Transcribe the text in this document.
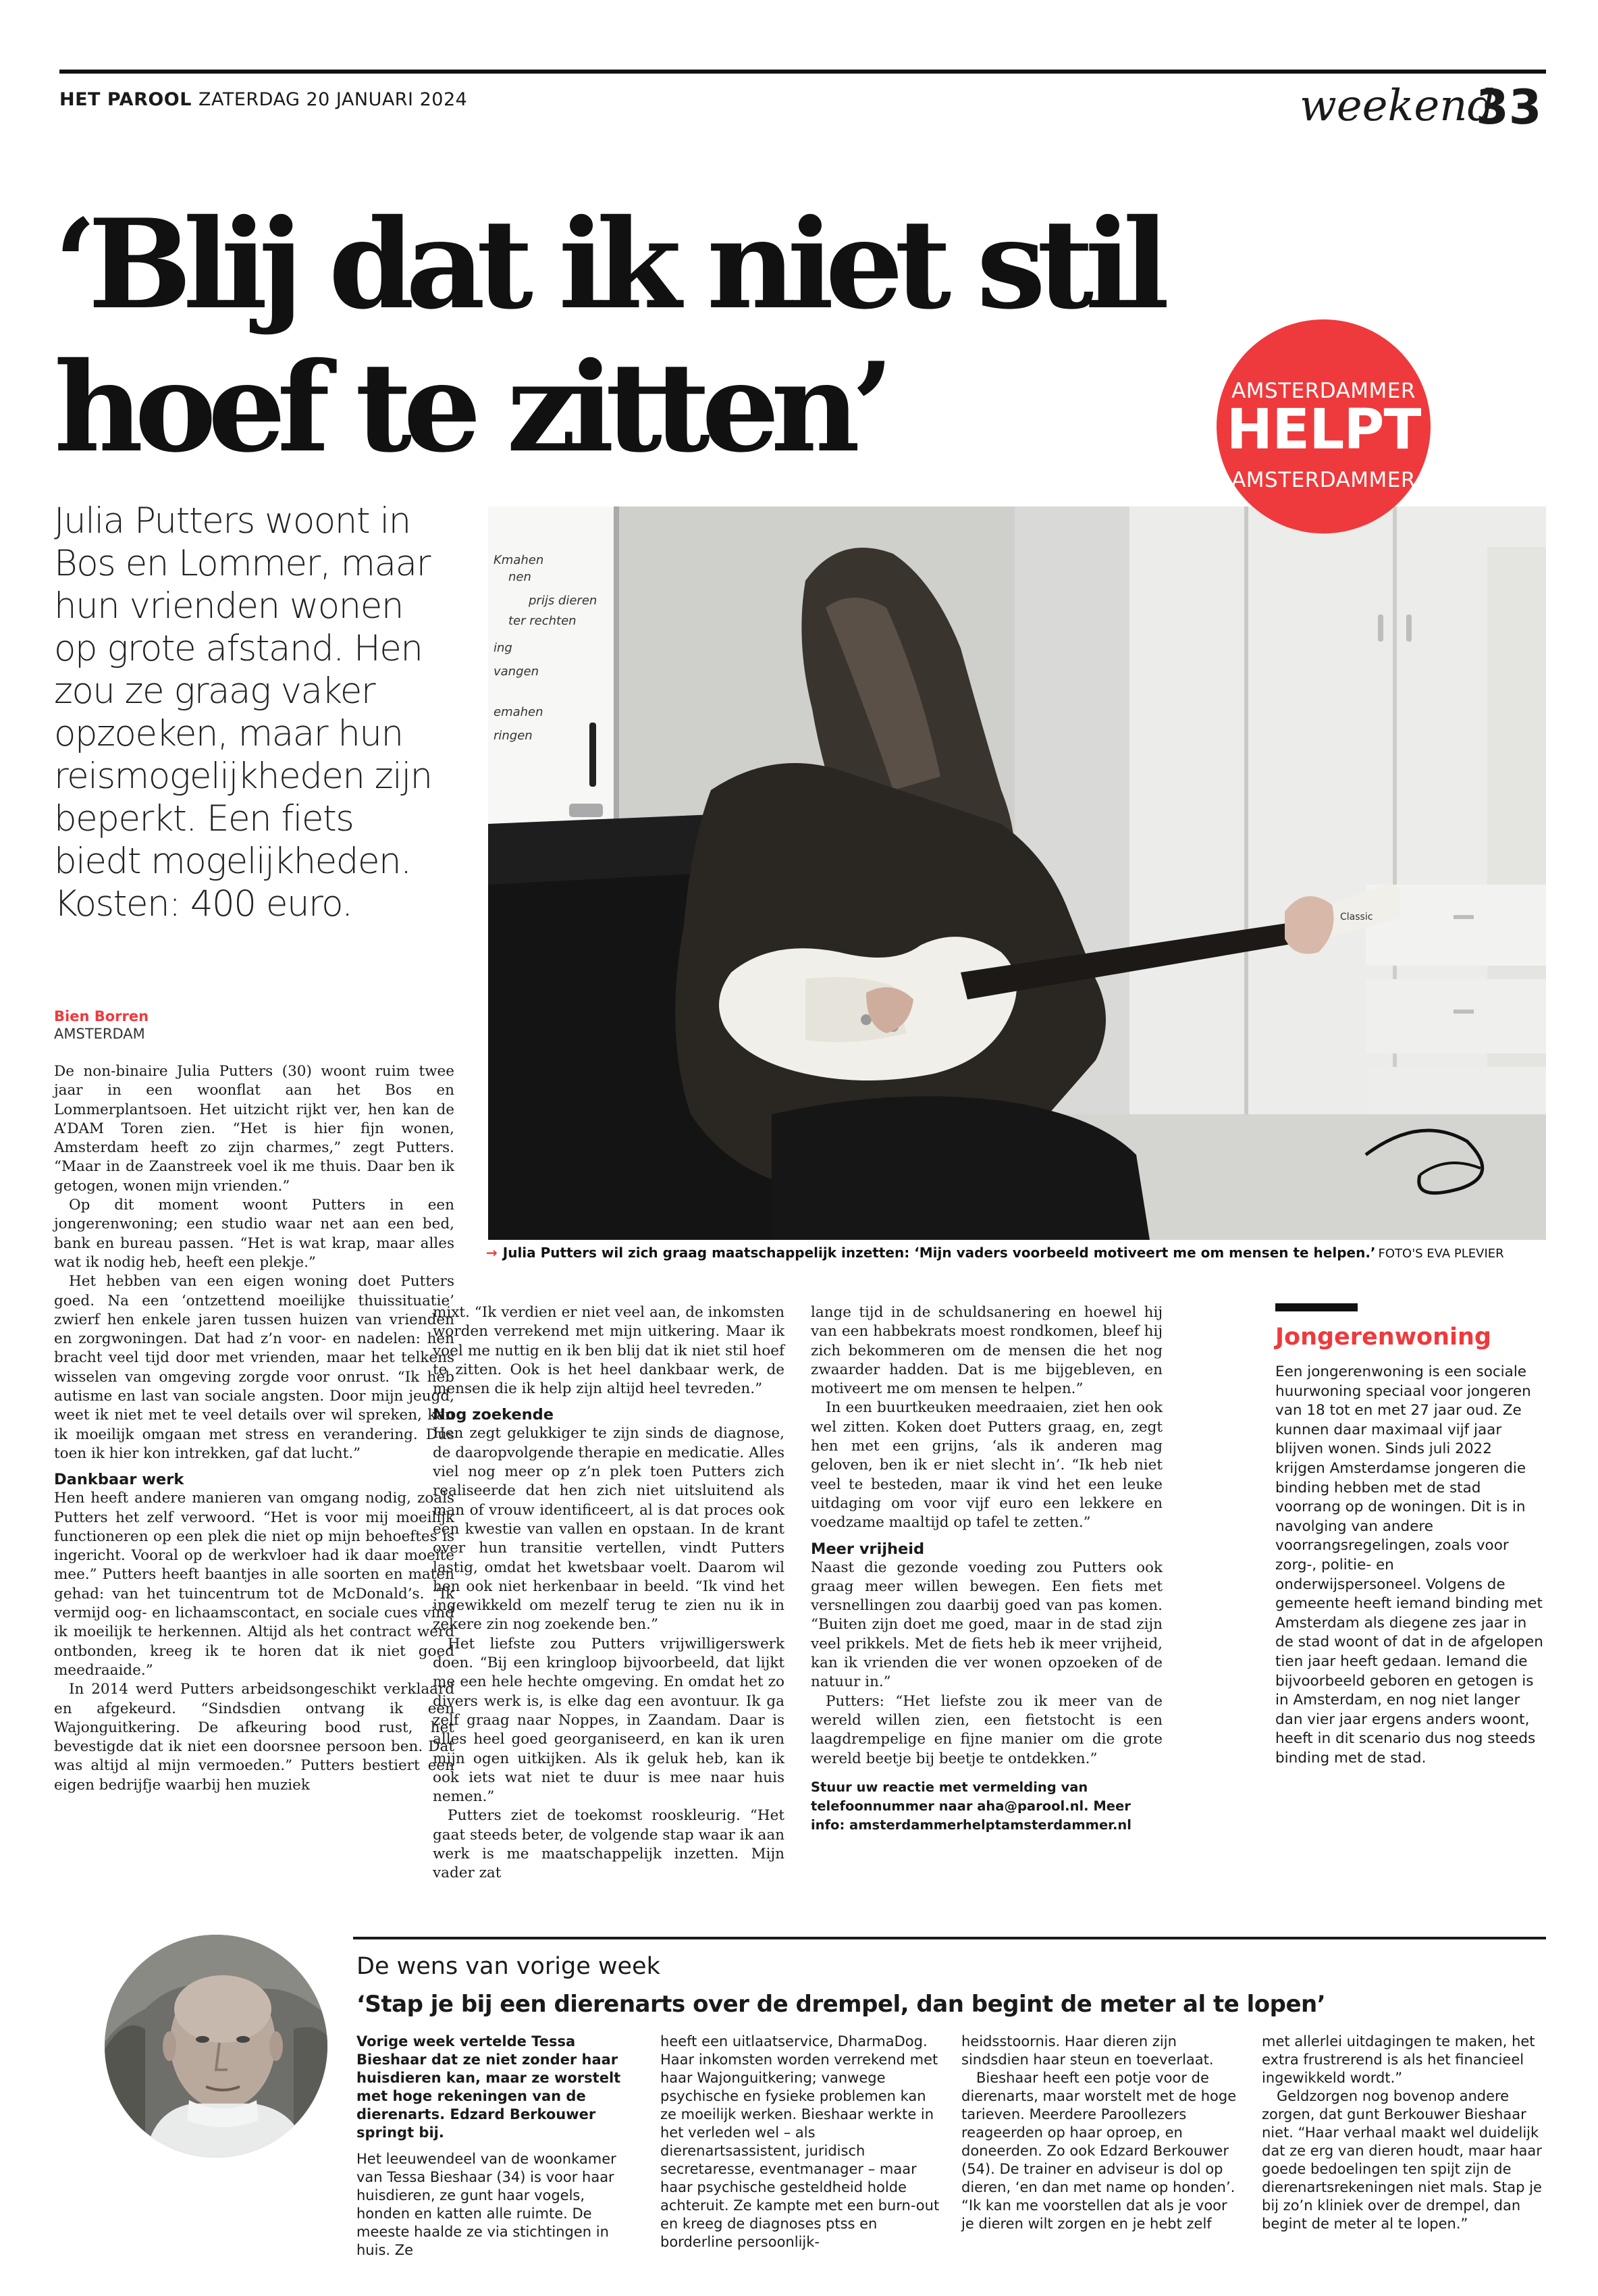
HET PAROOL ZATERDAG 20 JANUARI 2024	weekend
33
‘Blij dat ik niet stil hoef te zitten’
Kmahen
nen
prijs dieren
ter rechten
ing
vangen
emahen
ringen
Classic
AMSTERDAMMER
HELPT
AMSTERDAMMER
Julia Putters woont in Bos en Lommer, maar hun vrienden wonen op grote afstand. Hen zou ze graag vaker opzoeken, maar hun reismogelijkheden zijn beperkt. Een fiets biedt mogelijkheden. Kosten: 400 euro.
→ Julia Putters wil zich graag maatschappelijk inzetten: ‘Mijn vaders voorbeeld motiveert me om mensen te helpen.’ FOTO'S EVA PLEVIER
Bien Borren
AMSTERDAM

De non-binaire Julia Putters (30) woont ruim twee jaar in een woonflat aan het Bos en Lommerplantsoen. Het uitzicht rijkt ver, hen kan de A’DAM Toren zien. “Het is hier fijn wonen, Amsterdam heeft zo zijn charmes,” zegt Putters. “Maar in de Zaanstreek voel ik me thuis. Daar ben ik getogen, wonen mijn vrienden.”

Op dit moment woont Putters in een jongerenwoning; een studio waar net aan een bed, bank en bureau passen. “Het is wat krap, maar alles wat ik nodig heb, heeft een plekje.”

Het hebben van een eigen woning doet Putters goed. Na een ‘ontzettend moeilijke thuissituatie’ zwierf hen enkele jaren tussen huizen van vrienden en zorgwoningen. Dat had z’n voor- en nadelen: hen bracht veel tijd door met vrienden, maar het telkens wisselen van omgeving zorgde voor onrust. “Ik heb autisme en last van sociale angsten. Door mijn jeugd, weet ik niet met te veel details over wil spreken, kan ik moeilijk omgaan met stress en verandering. Dus toen ik hier kon intrekken, gaf dat lucht.”

Dankbaar werk

Hen heeft andere manieren van omgang nodig, zoals Putters het zelf verwoord. “Het is voor mij moeilijk functioneren op een plek die niet op mijn behoeftes is ingericht. Vooral op de werkvloer had ik daar moeite mee.” Putters heeft baantjes in alle soorten en maten gehad: van het tuincentrum tot de McDonald’s. “Ik vermijd oog- en lichaamscontact, en sociale cues vind ik moeilijk te herkennen. Altijd als het contract werd ontbonden, kreeg ik te horen dat ik niet goed meedraaide.”

In 2014 werd Putters arbeidsongeschikt verklaard en afgekeurd. “Sindsdien ontvang ik een Wajonguitkering. De afkeuring bood rust, het bevestigde dat ik niet een doorsnee persoon ben. Dat was altijd al mijn vermoeden.” Putters bestiert een eigen bedrijfje waarbij hen muziek

mixt. “Ik verdien er niet veel aan, de inkomsten worden verrekend met mijn uitkering. Maar ik voel me nuttig en ik ben blij dat ik niet stil hoef te zitten. Ook is het heel dankbaar werk, de mensen die ik help zijn altijd heel tevreden.”

Nog zoekende

Hen zegt gelukkiger te zijn sinds de diagnose, de daaropvolgende therapie en medicatie. Alles viel nog meer op z’n plek toen Putters zich realiseerde dat hen zich niet uitsluitend als man of vrouw identificeert, al is dat proces ook een kwestie van vallen en opstaan. In de krant over hun transitie vertellen, vindt Putters lastig, omdat het kwetsbaar voelt. Daarom wil hen ook niet herkenbaar in beeld. “Ik vind het ingewikkeld om mezelf terug te zien nu ik in zekere zin nog zoekende ben.”

Het liefste zou Putters vrijwilligerswerk doen. “Bij een kringloop bijvoorbeeld, dat lijkt me een hele hechte omgeving. En omdat het zo divers werk is, is elke dag een avontuur. Ik ga zelf graag naar Noppes, in Zaandam. Daar is alles heel goed georganiseerd, en kan ik uren mijn ogen uitkijken. Als ik geluk heb, kan ik ook iets wat niet te duur is mee naar huis nemen.”

Putters ziet de toekomst rooskleurig. “Het gaat steeds beter, de volgende stap waar ik aan werk is me maatschappelijk inzetten. Mijn vader zat

lange tijd in de schuldsanering en hoewel hij van een habbekrats moest rondkomen, bleef hij zich bekommeren om de mensen die het nog zwaarder hadden. Dat is me bijgebleven, en motiveert me om mensen te helpen.”

In een buurtkeuken meedraaien, ziet hen ook wel zitten. Koken doet Putters graag, en, zegt hen met een grijns, ‘als ik anderen mag geloven, ben ik er niet slecht in’. “Ik heb niet veel te besteden, maar ik vind het een leuke uitdaging om voor vijf euro een lekkere en voedzame maaltijd op tafel te zetten.”

Meer vrijheid

Naast die gezonde voeding zou Putters ook graag meer willen bewegen. Een fiets met versnellingen zou daarbij goed van pas komen. “Buiten zijn doet me goed, maar in de stad zijn veel prikkels. Met de fiets heb ik meer vrijheid, kan ik vrienden die ver wonen opzoeken of de natuur in.”

Putters: “Het liefste zou ik meer van de wereld willen zien, een fietstocht is een laagdrempelige en fijne manier om die grote wereld beetje bij beetje te ontdekken.”

Stuur uw reactie met vermelding van telefoonnummer naar aha@parool.nl. Meer info: amsterdammerhelptamsterdammer.nl

Jongerenwoning
Een jongerenwoning is een sociale huurwoning speciaal voor jongeren van 18 tot en met 27 jaar oud. Ze kunnen daar maximaal vijf jaar blijven wonen. Sinds juli 2022 krijgen Amsterdamse jongeren die binding hebben met de stad voorrang op de woningen. Dit is in navolging van andere voorrangsregelingen, zoals voor zorg-, politie- en onderwijspersoneel. Volgens de gemeente heeft iemand binding met Amsterdam als diegene zes jaar in de stad woont of dat in de afgelopen tien jaar heeft gedaan. Iemand die bijvoorbeeld geboren en getogen is in Amsterdam, en nog niet langer dan vier jaar ergens anders woont, heeft in dit scenario dus nog steeds binding met de stad.
De wens van vorige week
‘Stap je bij een dierenarts over de drempel, dan begint de meter al te lopen’

Vorige week vertelde Tessa Bieshaar dat ze niet zonder haar huisdieren kan, maar ze worstelt met hoge rekeningen van de dierenarts. Edzard Berkouwer springt bij.

Het leeuwendeel van de woonkamer van Tessa Bieshaar (34) is voor haar huisdieren, ze gunt haar vogels, honden en katten alle ruimte. De meeste haalde ze via stichtingen in huis. Ze

heeft een uitlaatservice, DharmaDog. Haar inkomsten worden verrekend met haar Wajonguitkering; vanwege psychische en fysieke problemen kan ze moeilijk werken. Bieshaar werkte in het verleden wel – als dierenartsassistent, juridisch secretaresse, eventmanager – maar haar psychische gesteldheid holde achteruit. Ze kampte met een burn-out en kreeg de diagnoses ptss en borderline persoonlijk-

heidsstoornis. Haar dieren zijn sindsdien haar steun en toeverlaat.

Bieshaar heeft een potje voor de dierenarts, maar worstelt met de hoge tarieven. Meerdere Paroollezers reageerden op haar oproep, en doneerden. Zo ook Edzard Berkouwer (54). De trainer en adviseur is dol op dieren, ‘en dan met name op honden’. “Ik kan me voorstellen dat als je voor je dieren wilt zorgen en je hebt zelf

met allerlei uitdagingen te maken, het extra frustrerend is als het financieel ingewikkeld wordt.”

Geldzorgen nog bovenop andere zorgen, dat gunt Berkouwer Bieshaar niet. “Haar verhaal maakt wel duidelijk dat ze erg van dieren houdt, maar haar goede bedoelingen ten spijt zijn de dierenartsrekeningen niet mals. Stap je bij zo’n kliniek over de drempel, dan begint de meter al te lopen.”
